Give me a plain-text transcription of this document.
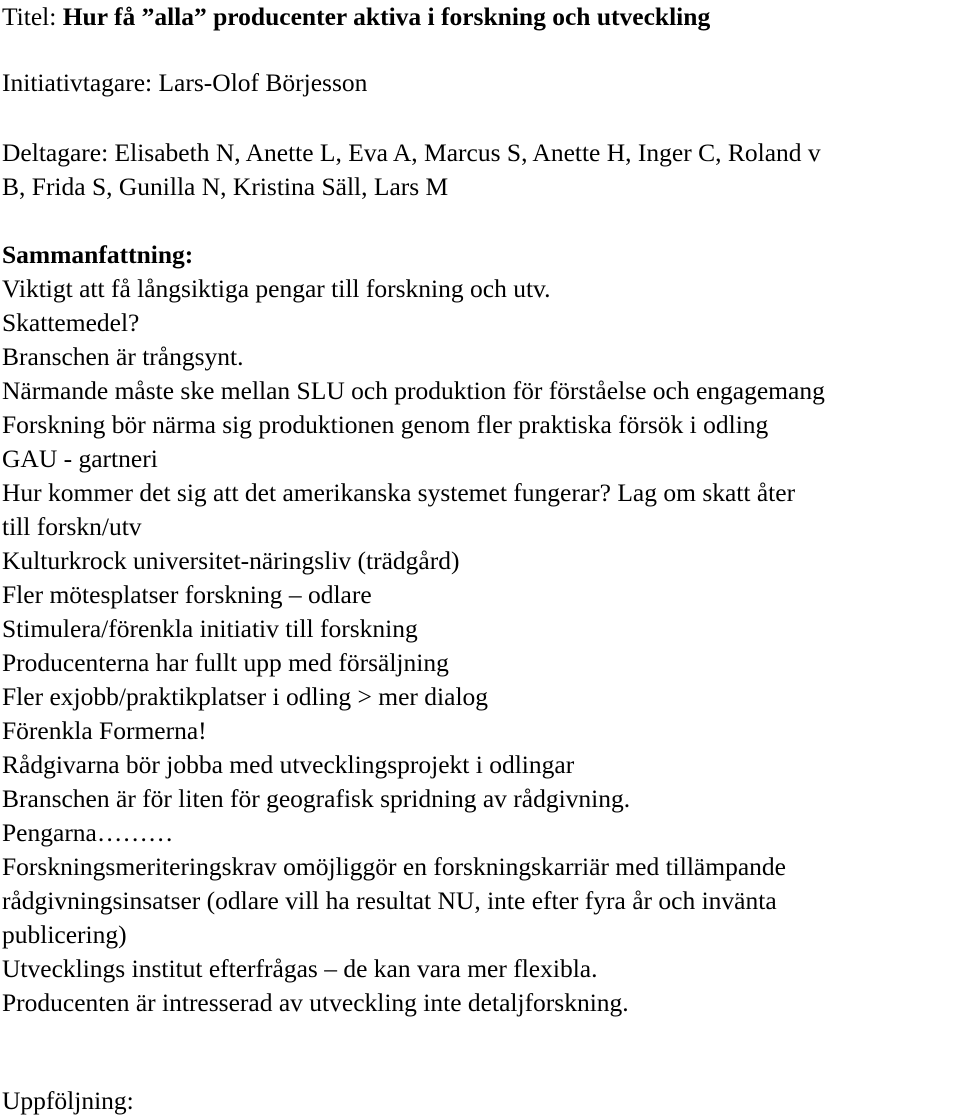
Titel: Hur få ”alla” producenter aktiva i forskning och utveckling
Initiativtagare: Lars-Olof Börjesson
Deltagare: Elisabeth N, Anette L, Eva A, Marcus S, Anette H, Inger C, Roland v
B, Frida S, Gunilla N, Kristina Säll, Lars M
Sammanfattning:
Viktigt att få långsiktiga pengar till forskning och utv.
Skattemedel?
Branschen är trångsynt.
Närmande måste ske mellan SLU och produktion för förståelse och engagemang
Forskning bör närma sig produktionen genom fler praktiska försök i odling
GAU - gartneri
Hur kommer det sig att det amerikanska systemet fungerar? Lag om skatt åter
till forskn/utv
Kulturkrock universitet-näringsliv (trädgård)
Fler mötesplatser forskning – odlare
Stimulera/förenkla initiativ till forskning
Producenterna har fullt upp med försäljning
Fler exjobb/praktikplatser i odling > mer dialog
Förenkla Formerna!
Rådgivarna bör jobba med utvecklingsprojekt i odlingar
Branschen är för liten för geografisk spridning av rådgivning.
Pengarna………
Forskningsmeriteringskrav omöjliggör en forskningskarriär med tillämpande
rådgivningsinsatser (odlare vill ha resultat NU, inte efter fyra år och invänta
publicering)
Utvecklings institut efterfrågas – de kan vara mer flexibla.
Producenten är intresserad av utveckling inte detaljforskning.
Uppföljning:
